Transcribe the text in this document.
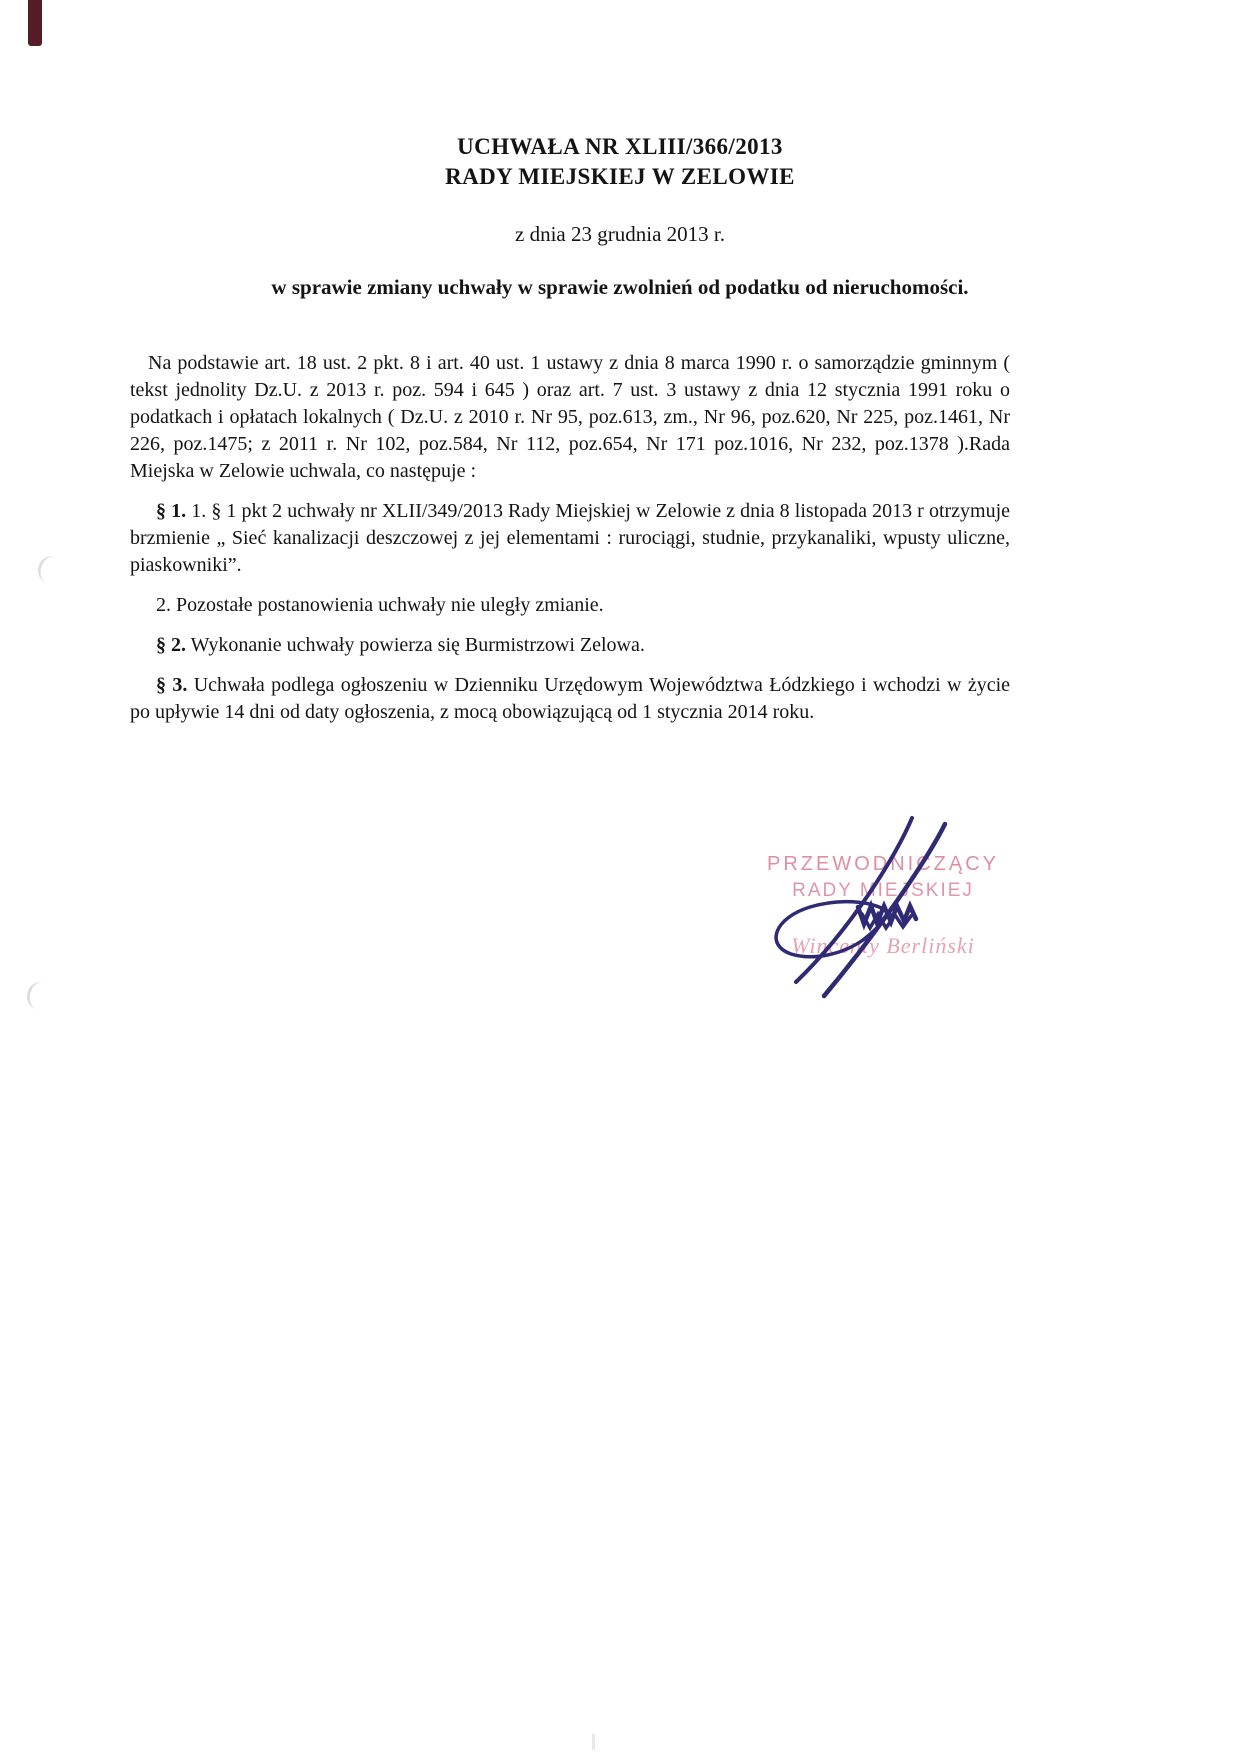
UCHWAŁA NR XLIII/366/2013
RADY MIEJSKIEJ W ZELOWIE
z dnia 23 grudnia 2013 r.
w sprawie zmiany uchwały w sprawie zwolnień od podatku od nieruchomości.

Na podstawie art. 18 ust. 2 pkt. 8 i art. 40 ust. 1 ustawy z dnia 8 marca 1990 r. o samorządzie gminnym ( tekst jednolity Dz.U. z 2013 r. poz. 594 i 645 ) oraz art. 7 ust. 3 ustawy z dnia 12 stycznia 1991 roku o podatkach i opłatach lokalnych ( Dz.U. z 2010 r. Nr 95, poz.613, zm., Nr 96, poz.620, Nr 225, poz.1461, Nr 226, poz.1475; z 2011 r. Nr 102, poz.584, Nr 112, poz.654, Nr 171 poz.1016, Nr 232, poz.1378 ).Rada Miejska w Zelowie uchwala, co następuje :

§ 1. 1. § 1 pkt 2 uchwały nr XLII/349/2013 Rady Miejskiej w Zelowie z dnia 8 listopada 2013 r otrzymuje brzmienie „ Sieć kanalizacji deszczowej z jej elementami : rurociągi, studnie, przykanaliki, wpusty uliczne, piaskowniki”.

2. Pozostałe postanowienia uchwały nie uległy zmianie.

§ 2. Wykonanie uchwały powierza się Burmistrzowi Zelowa.

§ 3. Uchwała podlega ogłoszeniu w Dzienniku Urzędowym Województwa Łódzkiego i wchodzi w życie po upływie 14 dni od daty ogłoszenia, z mocą obowiązującą od 1 stycznia 2014 roku.

PRZEWODNICZĄCY
RADY MIEJSKIEJ
Wincenty Berliński
